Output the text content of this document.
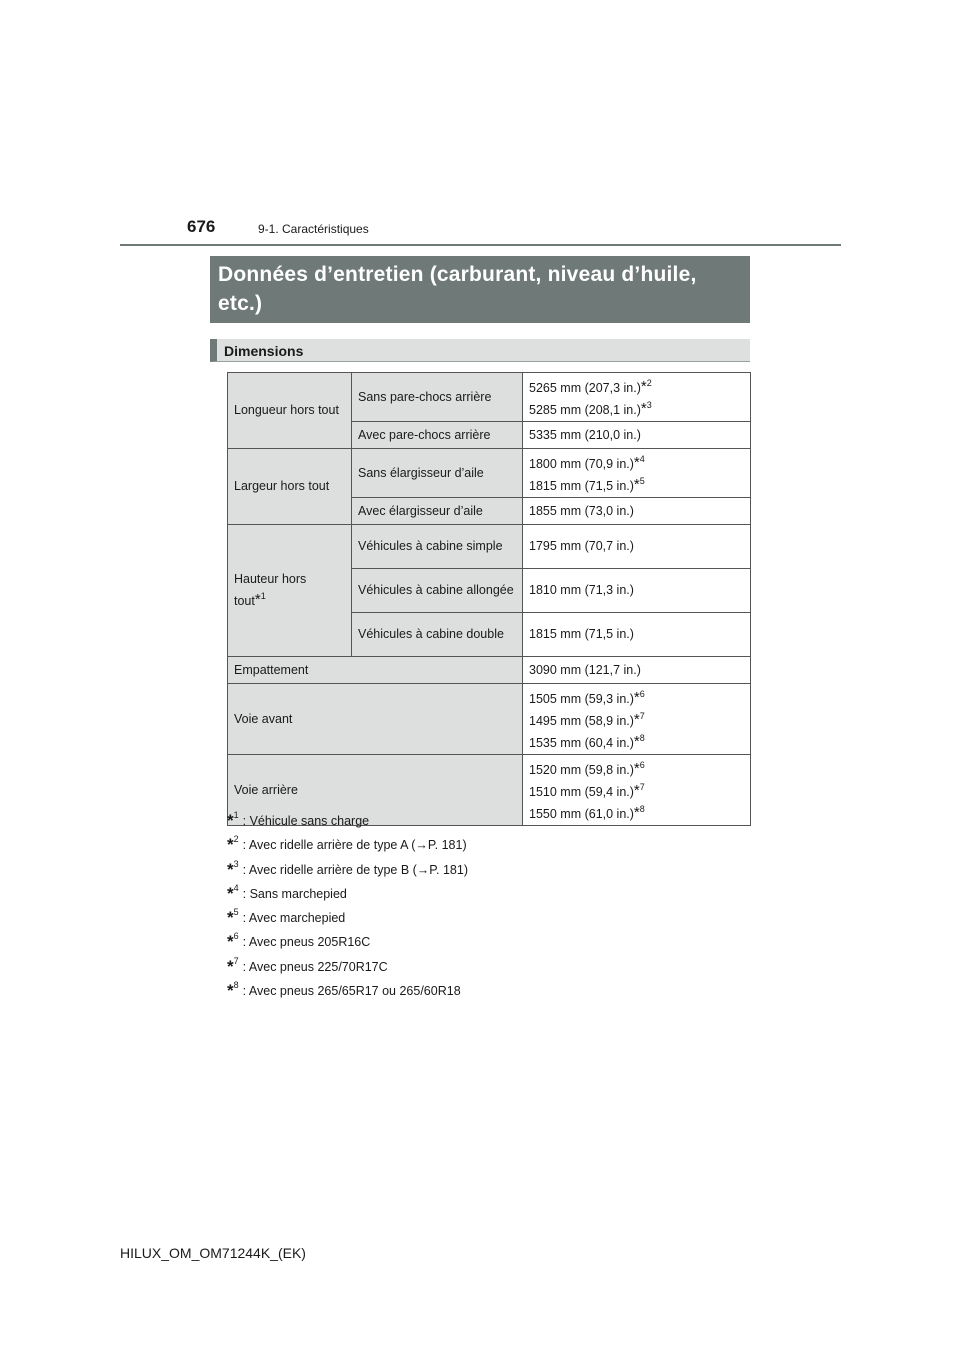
676	9-1. Caractéristiques
Données d’entretien (carburant, niveau d’huile, etc.)
Dimensions
Longueur hors tout	Sans pare-chocs arrière	5265 mm (207,3 in.)*$^2$
5285 mm (208,1 in.)*$^3$

	Avec pare-chocs arrière	5335 mm (210,0 in.)
Largeur hors tout	Sans élargisseur d’aile	1800 mm (70,9 in.)*$^4$
1815 mm (71,5 in.)*$^5$

	Avec élargisseur d’aile	1855 mm (73,0 in.)

Hauteur hors
tout*$^1$	Véhicules à cabine simple	1795 mm (70,7 in.)
	Véhicules à cabine allongée	1810 mm (71,3 in.)
	Véhicules à cabine double	1815 mm (71,5 in.)
Empattement		3090 mm (121,7 in.)
Voie avant		1505 mm (59,3 in.)*$^6$
1495 mm (58,9 in.)*$^7$
1535 mm (60,4 in.)*$^8$

Voie arrière		1520 mm (59,8 in.)*$^6$
1510 mm (59,4 in.)*$^7$
1550 mm (61,0 in.)*$^8$
*$^1$ : Véhicule sans charge
*$^2$ : Avec ridelle arrière de type A (→P. 181)
*$^3$ : Avec ridelle arrière de type B (→P. 181)
*$^4$ : Sans marchepied
*$^5$ : Avec marchepied
*$^6$ : Avec pneus 205R16C
*$^7$ : Avec pneus 225/70R17C
*$^8$ : Avec pneus 265/65R17 ou 265/60R18
HILUX_OM_OM71244K_(EK)
